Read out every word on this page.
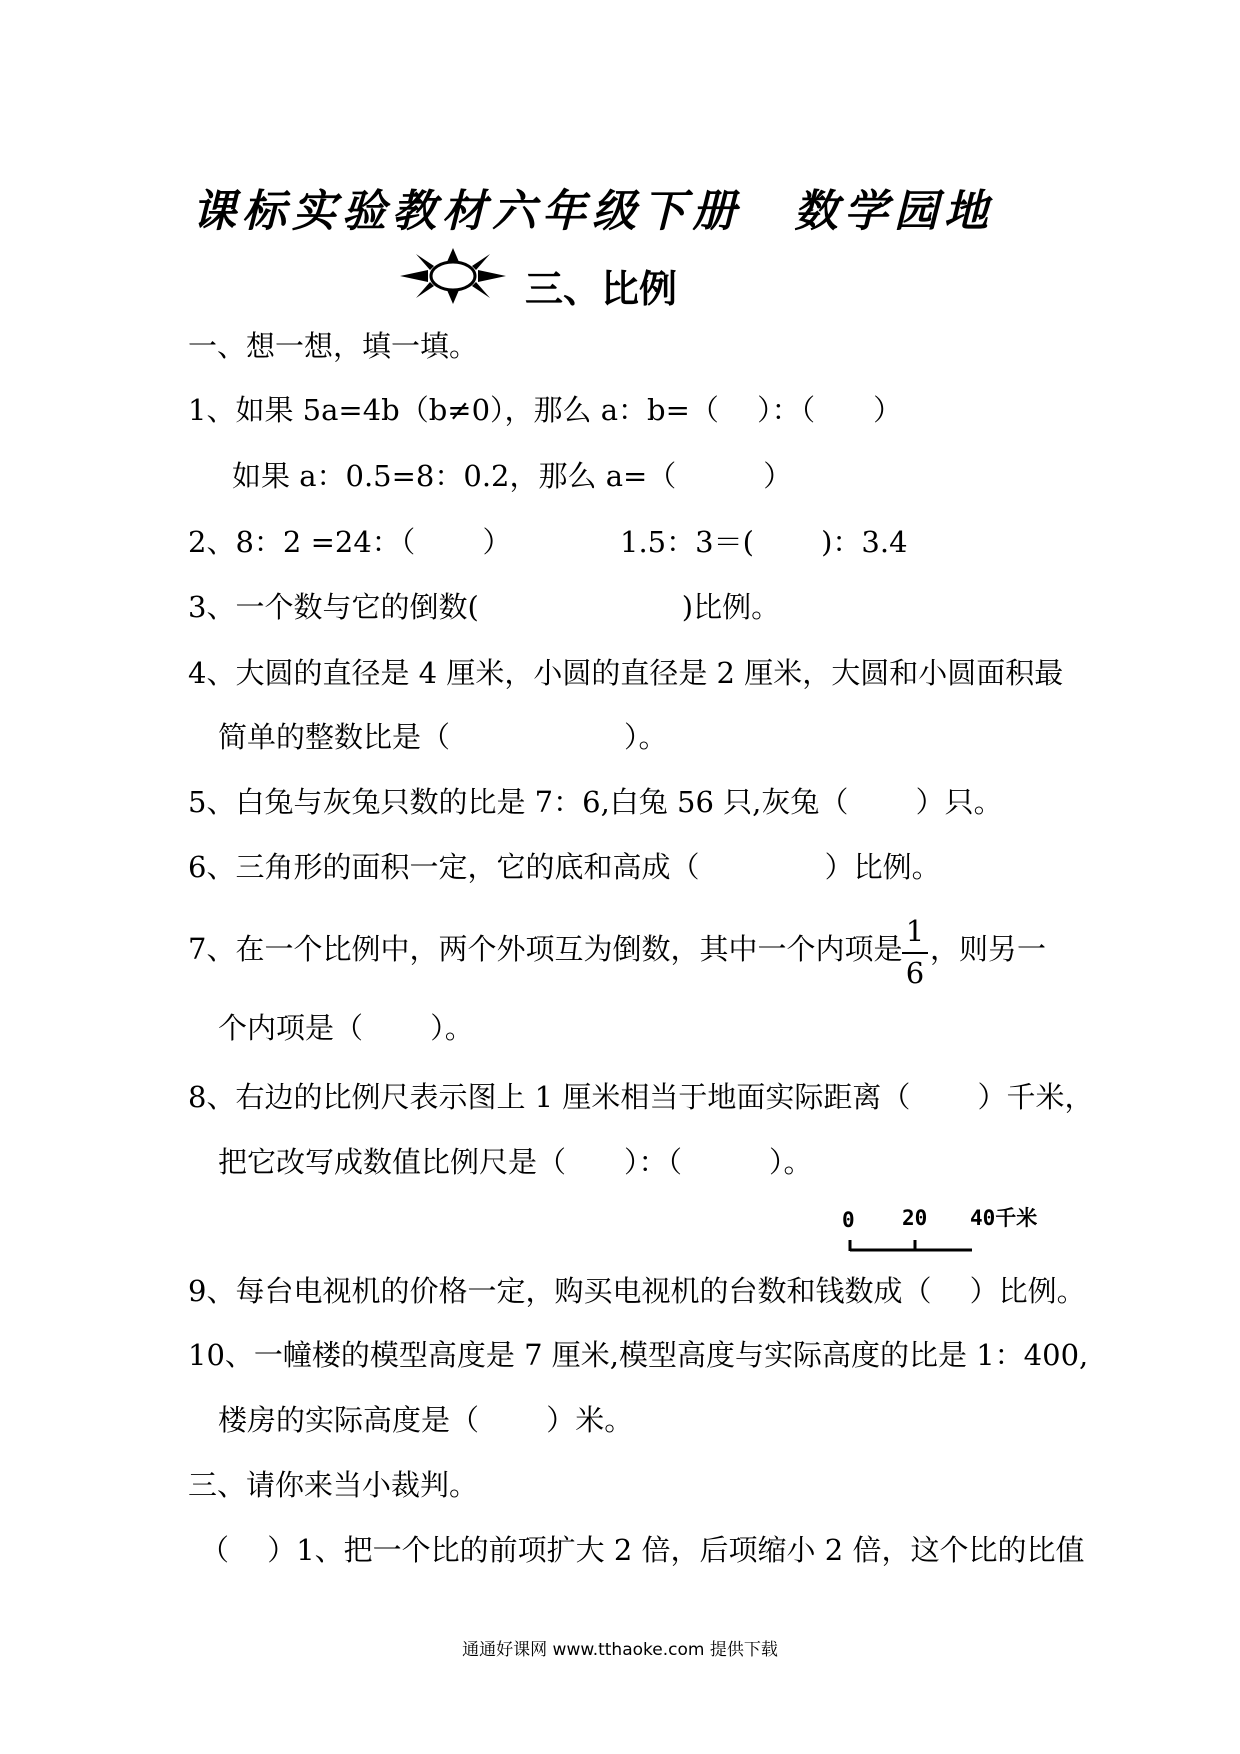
课标实验教材六年级下册 数学园地
三、比例
一、想一想，填一填。
1、如果 5a=4b（b≠0），那么 a：b=（　 ）：（　　）
如果 a：0.5=8：0.2，那么 a=（　　　）
2、8：2 =24：（　　 ）	1.5：3＝(　　 )：3.4
3、一个数与它的倒数(　　　　　　　)比例。
4、大圆的直径是 4 厘米，小圆的直径是 2 厘米，大圆和小圆面积最
简单的整数比是（　　　　　　）。
5、白兔与灰兔只数的比是 7：6,白兔 56 只,灰兔（　　 ）只。
6、三角形的面积一定，它的底和高成（　　　　 ）比例。
7、在一个比例中，两个外项互为倒数，其中一个内项是
1
6
，则另一
个内项是（　　 ）。
8、右边的比例尺表示图上 1 厘米相当于地面实际距离（　　 ）千米，
把它改写成数值比例尺是（　　）：（　　　）。
0 20 40千米
9、每台电视机的价格一定，购买电视机的台数和钱数成（　 ）比例。
10、一幢楼的模型高度是 7 厘米,模型高度与实际高度的比是 1：400,
楼房的实际高度是（　　 ）米。
三、请你来当小裁判。
（　 ）1、把一个比的前项扩大 2 倍，后项缩小 2 倍，这个比的比值
通通好课网 www.tthaoke.com 提供下载
